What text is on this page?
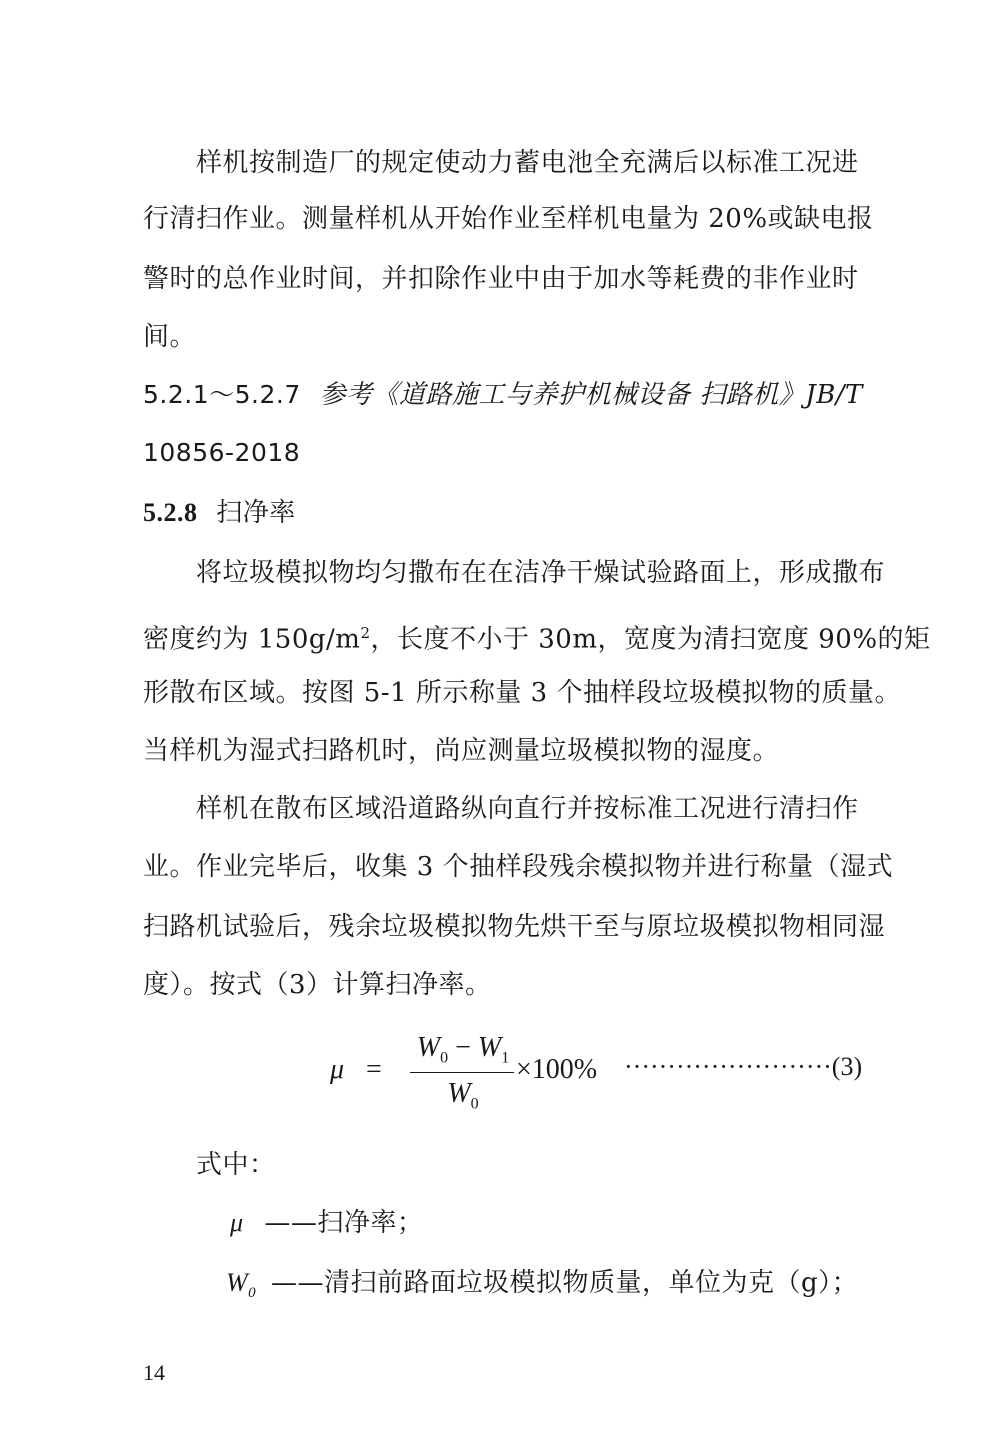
样机按制造厂的规定使动力蓄电池全充满后以标准工况进
行清扫作业。测量样机从开始作业至样机电量为 20%或缺电报
警时的总作业时间，并扣除作业中由于加水等耗费的非作业时
间。
5.2.1～5.2.7 参考《道路施工与养护机械设备 扫路机》JB/T
10856-2018
5.2.8 扫净率
将垃圾模拟物均匀撒布在在洁净干燥试验路面上，形成撒布
密度约为 $150g/m^2$，长度不小于 30m，宽度为清扫宽度 90%的矩
形散布区域。按图 5-1 所示称量 3 个抽样段垃圾模拟物的质量。
当样机为湿式扫路机时，尚应测量垃圾模拟物的湿度。
样机在散布区域沿道路纵向直行并按标准工况进行清扫作
业。作业完毕后，收集 3 个抽样段残余模拟物并进行称量（湿式
扫路机试验后，残余垃圾模拟物先烘干至与原垃圾模拟物相同湿
度）。按式（3）计算扫净率。
μ =
$W_0 - W_1$
$W_0$
×100% ························(3)
式中：
μ ——扫净率；
$W_0$ ——清扫前路面垃圾模拟物质量，单位为克（g）；
14
